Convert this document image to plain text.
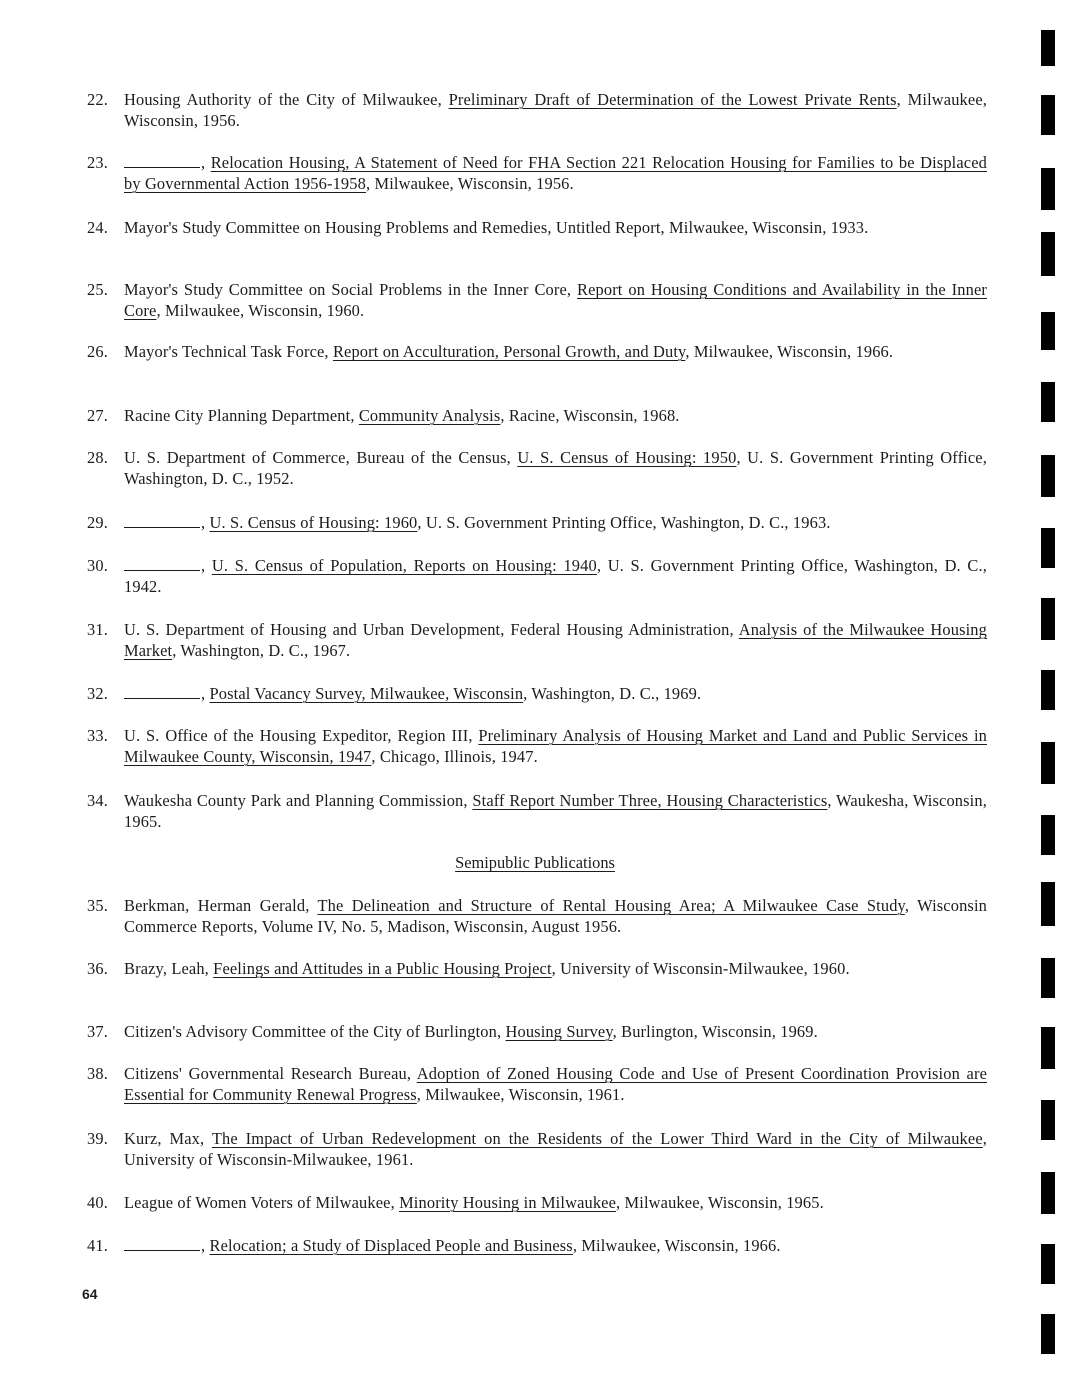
22. Housing Authority of the City of Milwaukee, Preliminary Draft of Determination of the Lowest Private Rents, Milwaukee, Wisconsin, 1956.
23.	, Relocation Housing, A Statement of Need for FHA Section 221 Relocation Housing for Families to be Displaced by Governmental Action 1956-1958, Milwaukee, Wisconsin, 1956.
24. Mayor's Study Committee on Housing Problems and Remedies, Untitled Report, Milwaukee, Wisconsin, 1933.
25. Mayor's Study Committee on Social Problems in the Inner Core, Report on Housing Conditions and Availability in the Inner Core, Milwaukee, Wisconsin, 1960.
26. Mayor's Technical Task Force, Report on Acculturation, Personal Growth, and Duty, Milwaukee, Wisconsin, 1966.
27. Racine City Planning Department, Community Analysis, Racine, Wisconsin, 1968.
28. U. S. Department of Commerce, Bureau of the Census, U. S. Census of Housing: 1950, U. S. Government Printing Office, Washington, D. C., 1952.
29.	, U. S. Census of Housing: 1960, U. S. Government Printing Office, Washington, D. C., 1963.
30.	, U. S. Census of Population, Reports on Housing: 1940, U. S. Government Printing Office, Washington, D. C., 1942.
31. U. S. Department of Housing and Urban Development, Federal Housing Administration, Analysis of the Milwaukee Housing Market, Washington, D. C., 1967.
32.	, Postal Vacancy Survey, Milwaukee, Wisconsin, Washington, D. C., 1969.
33. U. S. Office of the Housing Expeditor, Region III, Preliminary Analysis of Housing Market and Land and Public Services in Milwaukee County, Wisconsin, 1947, Chicago, Illinois, 1947.
34. Waukesha County Park and Planning Commission, Staff Report Number Three, Housing Characteristics, Waukesha, Wisconsin, 1965.
Semipublic Publications
35. Berkman, Herman Gerald, The Delineation and Structure of Rental Housing Area; A Milwaukee Case Study, Wisconsin Commerce Reports, Volume IV, No. 5, Madison, Wisconsin, August 1956.
36. Brazy, Leah, Feelings and Attitudes in a Public Housing Project, University of Wisconsin-Milwaukee, 1960.
37. Citizen's Advisory Committee of the City of Burlington, Housing Survey, Burlington, Wisconsin, 1969.
38. Citizens' Governmental Research Bureau, Adoption of Zoned Housing Code and Use of Present Coordination Provision are Essential for Community Renewal Progress, Milwaukee, Wisconsin, 1961.
39. Kurz, Max, The Impact of Urban Redevelopment on the Residents of the Lower Third Ward in the City of Milwaukee, University of Wisconsin-Milwaukee, 1961.
40. League of Women Voters of Milwaukee, Minority Housing in Milwaukee, Milwaukee, Wisconsin, 1965.
41.	, Relocation; a Study of Displaced People and Business, Milwaukee, Wisconsin, 1966.
64
